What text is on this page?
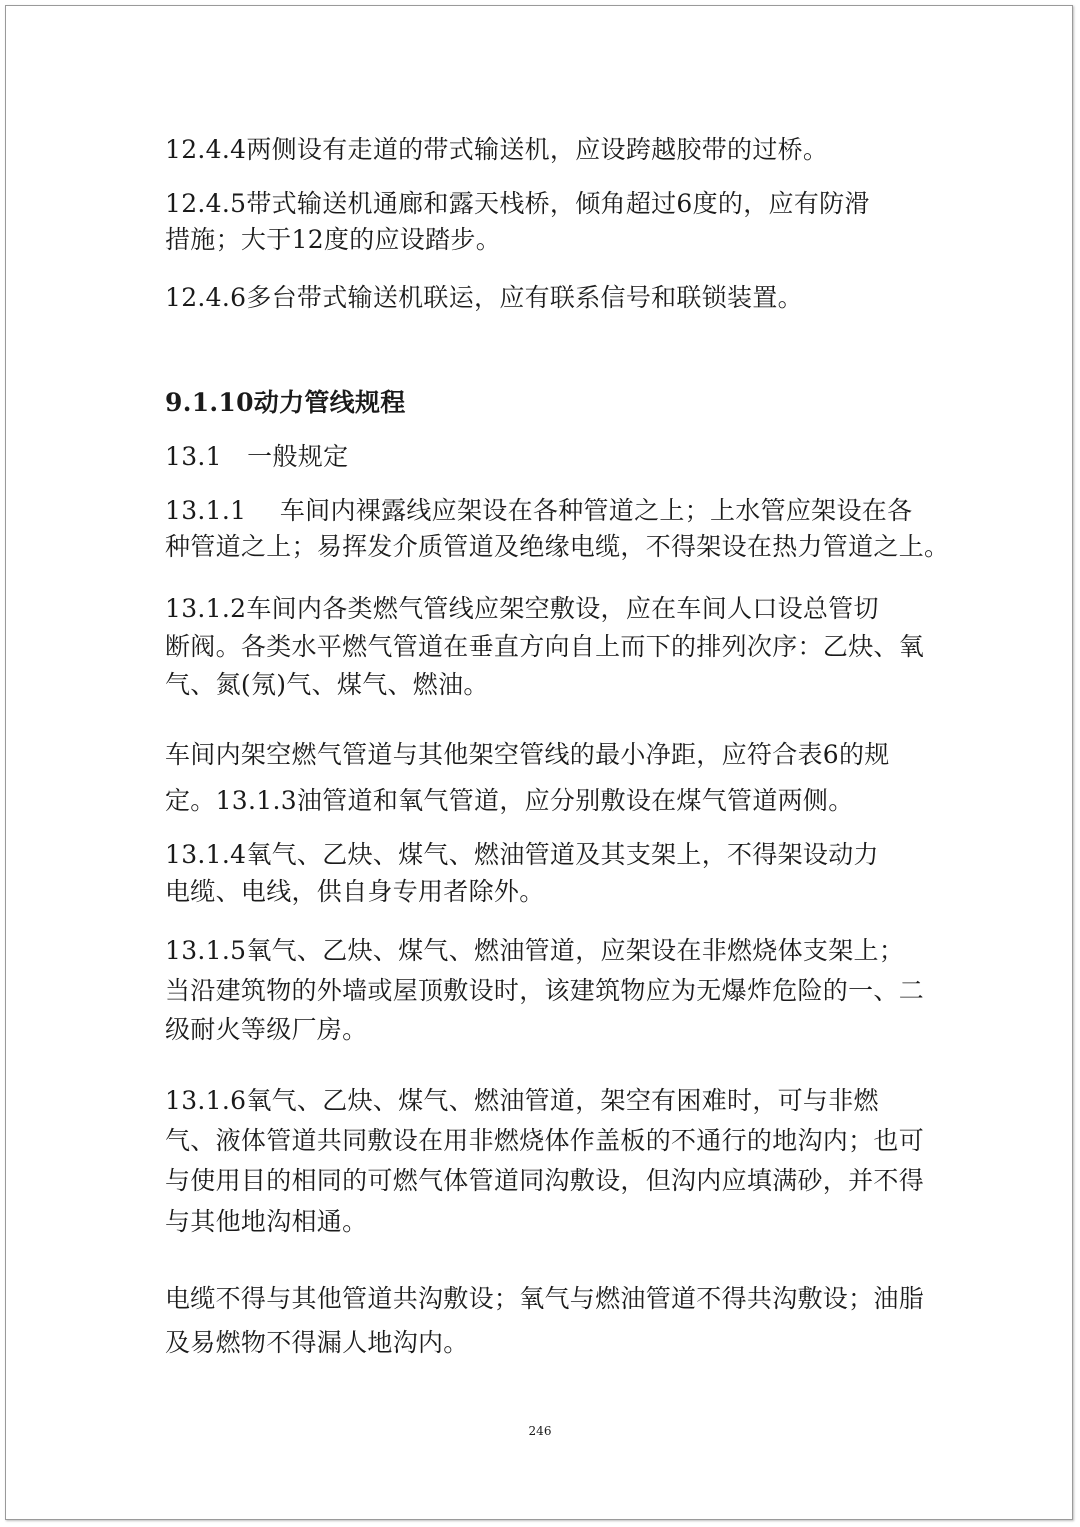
12.4.4两侧设有走道的带式输送机，应设跨越胶带的过桥。
12.4.5带式输送机通廊和露天栈桥，倾角超过6度的，应有防滑
措施；大于12度的应设踏步。
12.4.6多台带式输送机联运，应有联系信号和联锁装置。
9.1.10动力管线规程
13.1　一般规定
13.1.1　 车间内裸露线应架设在各种管道之上；上水管应架设在各
种管道之上；易挥发介质管道及绝缘电缆，不得架设在热力管道之上。
13.1.2车间内各类燃气管线应架空敷设，应在车间人口设总管切
断阀。各类水平燃气管道在垂直方向自上而下的排列次序：乙炔、氧
气、氮(氖)气、煤气、燃油。
车间内架空燃气管道与其他架空管线的最小净距，应符合表6的规
定。13.1.3油管道和氧气管道，应分别敷设在煤气管道两侧。
13.1.4氧气、乙炔、煤气、燃油管道及其支架上，不得架设动力
电缆、电线，供自身专用者除外。
13.1.5氧气、乙炔、煤气、燃油管道，应架设在非燃烧体支架上；
当沿建筑物的外墙或屋顶敷设时，该建筑物应为无爆炸危险的一、二
级耐火等级厂房。
13.1.6氧气、乙炔、煤气、燃油管道，架空有困难时，可与非燃
气、液体管道共同敷设在用非燃烧体作盖板的不通行的地沟内；也可
与使用目的相同的可燃气体管道同沟敷设，但沟内应填满砂，并不得
与其他地沟相通。
电缆不得与其他管道共沟敷设；氧气与燃油管道不得共沟敷设；油脂
及易燃物不得漏人地沟内。
246
